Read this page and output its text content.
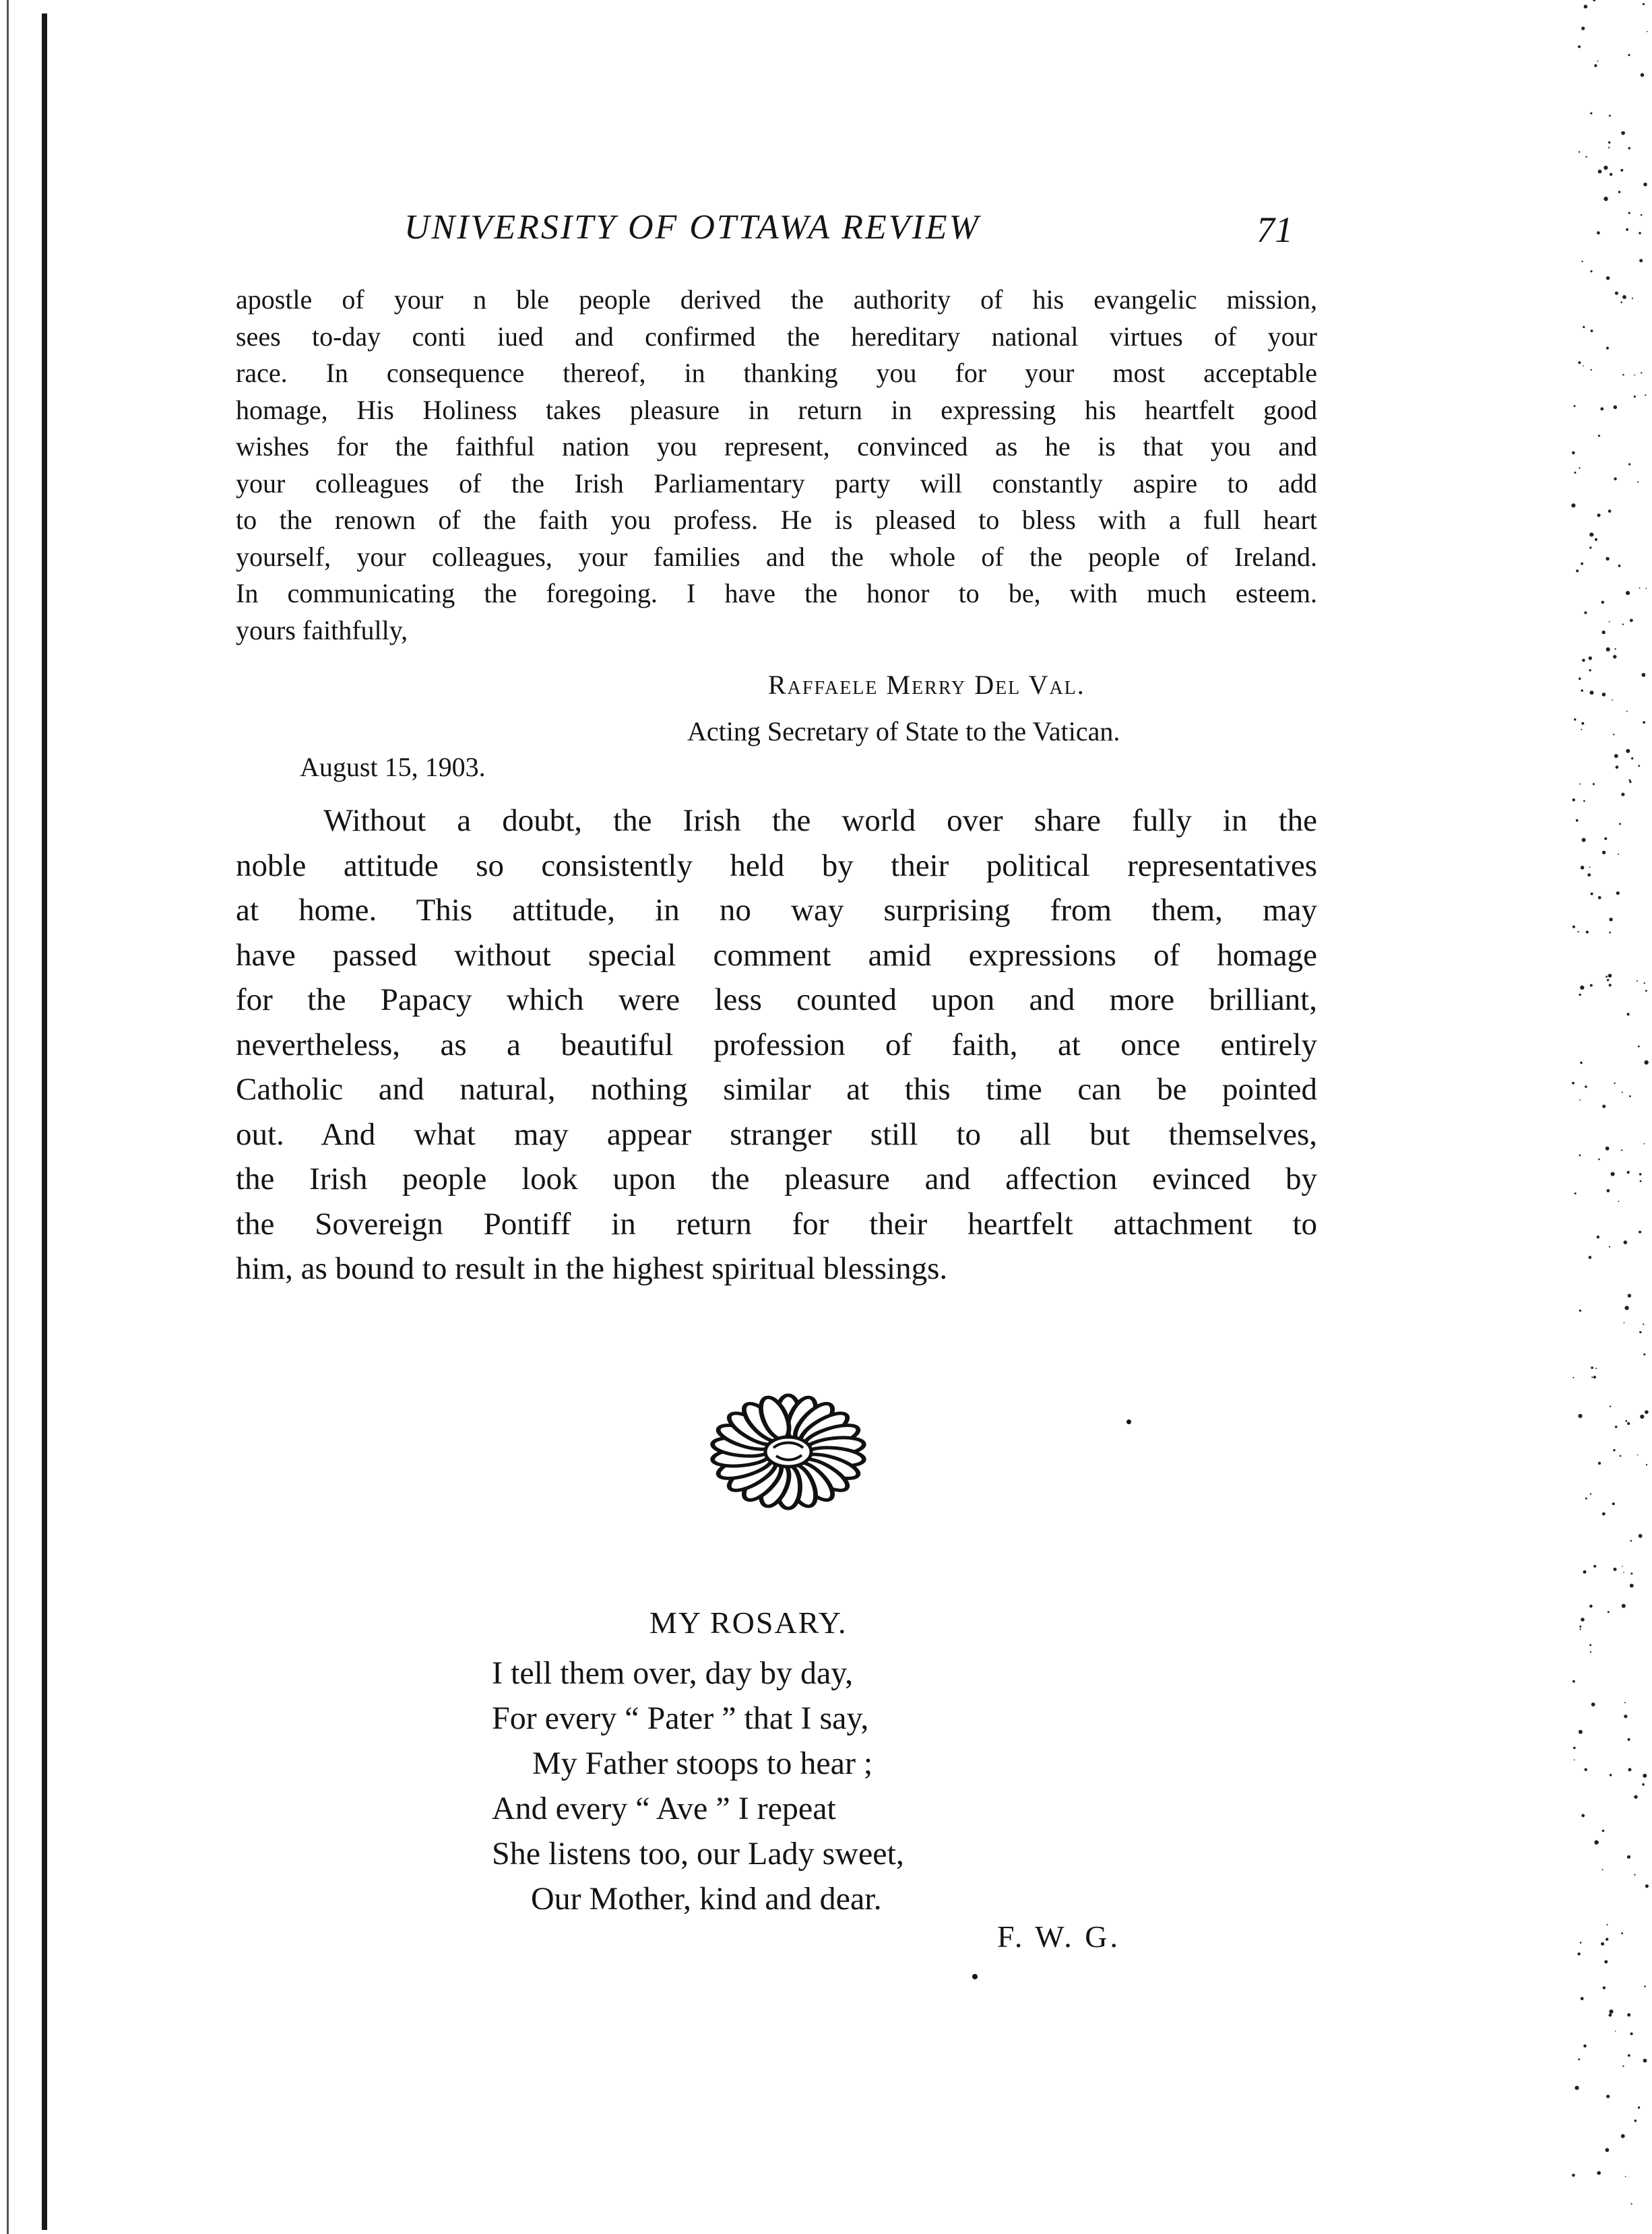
UNIVERSITY OF OTTAWA REVIEW	71
apostle of your n ble people derived the authority of his evangelic mission,
sees to-day conti iued and confirmed the hereditary national virtues of your
race. In consequence thereof, in thanking you for your most acceptable
homage, His Holiness takes pleasure in return in expressing his heartfelt good
wishes for the faithful nation you represent, convinced as he is that you and
your colleagues of the Irish Parliamentary party will constantly aspire to add
to the renown of the faith you profess. He is pleased to bless with a full heart
yourself, your colleagues, your families and the whole of the people of Ireland.
In communicating the foregoing. I have the honor to be, with much esteem.
yours faithfully,
Raffaele Merry Del Val.
Acting Secretary of State to the Vatican.
August 15, 1903.
Without a doubt, the Irish the world over share fully in the
noble attitude so consistently held by their political representatives
at home. This attitude, in no way surprising from them, may
have passed without special comment amid expressions of homage
for the Papacy which were less counted upon and more brilliant,
nevertheless, as a beautiful profession of faith, at once entirely
Catholic and natural, nothing similar at this time can be pointed
out. And what may appear stranger still to all but themselves,
the Irish people look upon the pleasure and affection evinced by
the Sovereign Pontiff in return for their heartfelt attachment to
him, as bound to result in the highest spiritual blessings.
MY ROSARY.
I tell them over, day by day,
For every “ Pater ” that I say,
My Father stoops to hear ;
And every “ Ave ” I repeat
She listens too, our Lady sweet,
Our Mother, kind and dear.
F. W. G.
